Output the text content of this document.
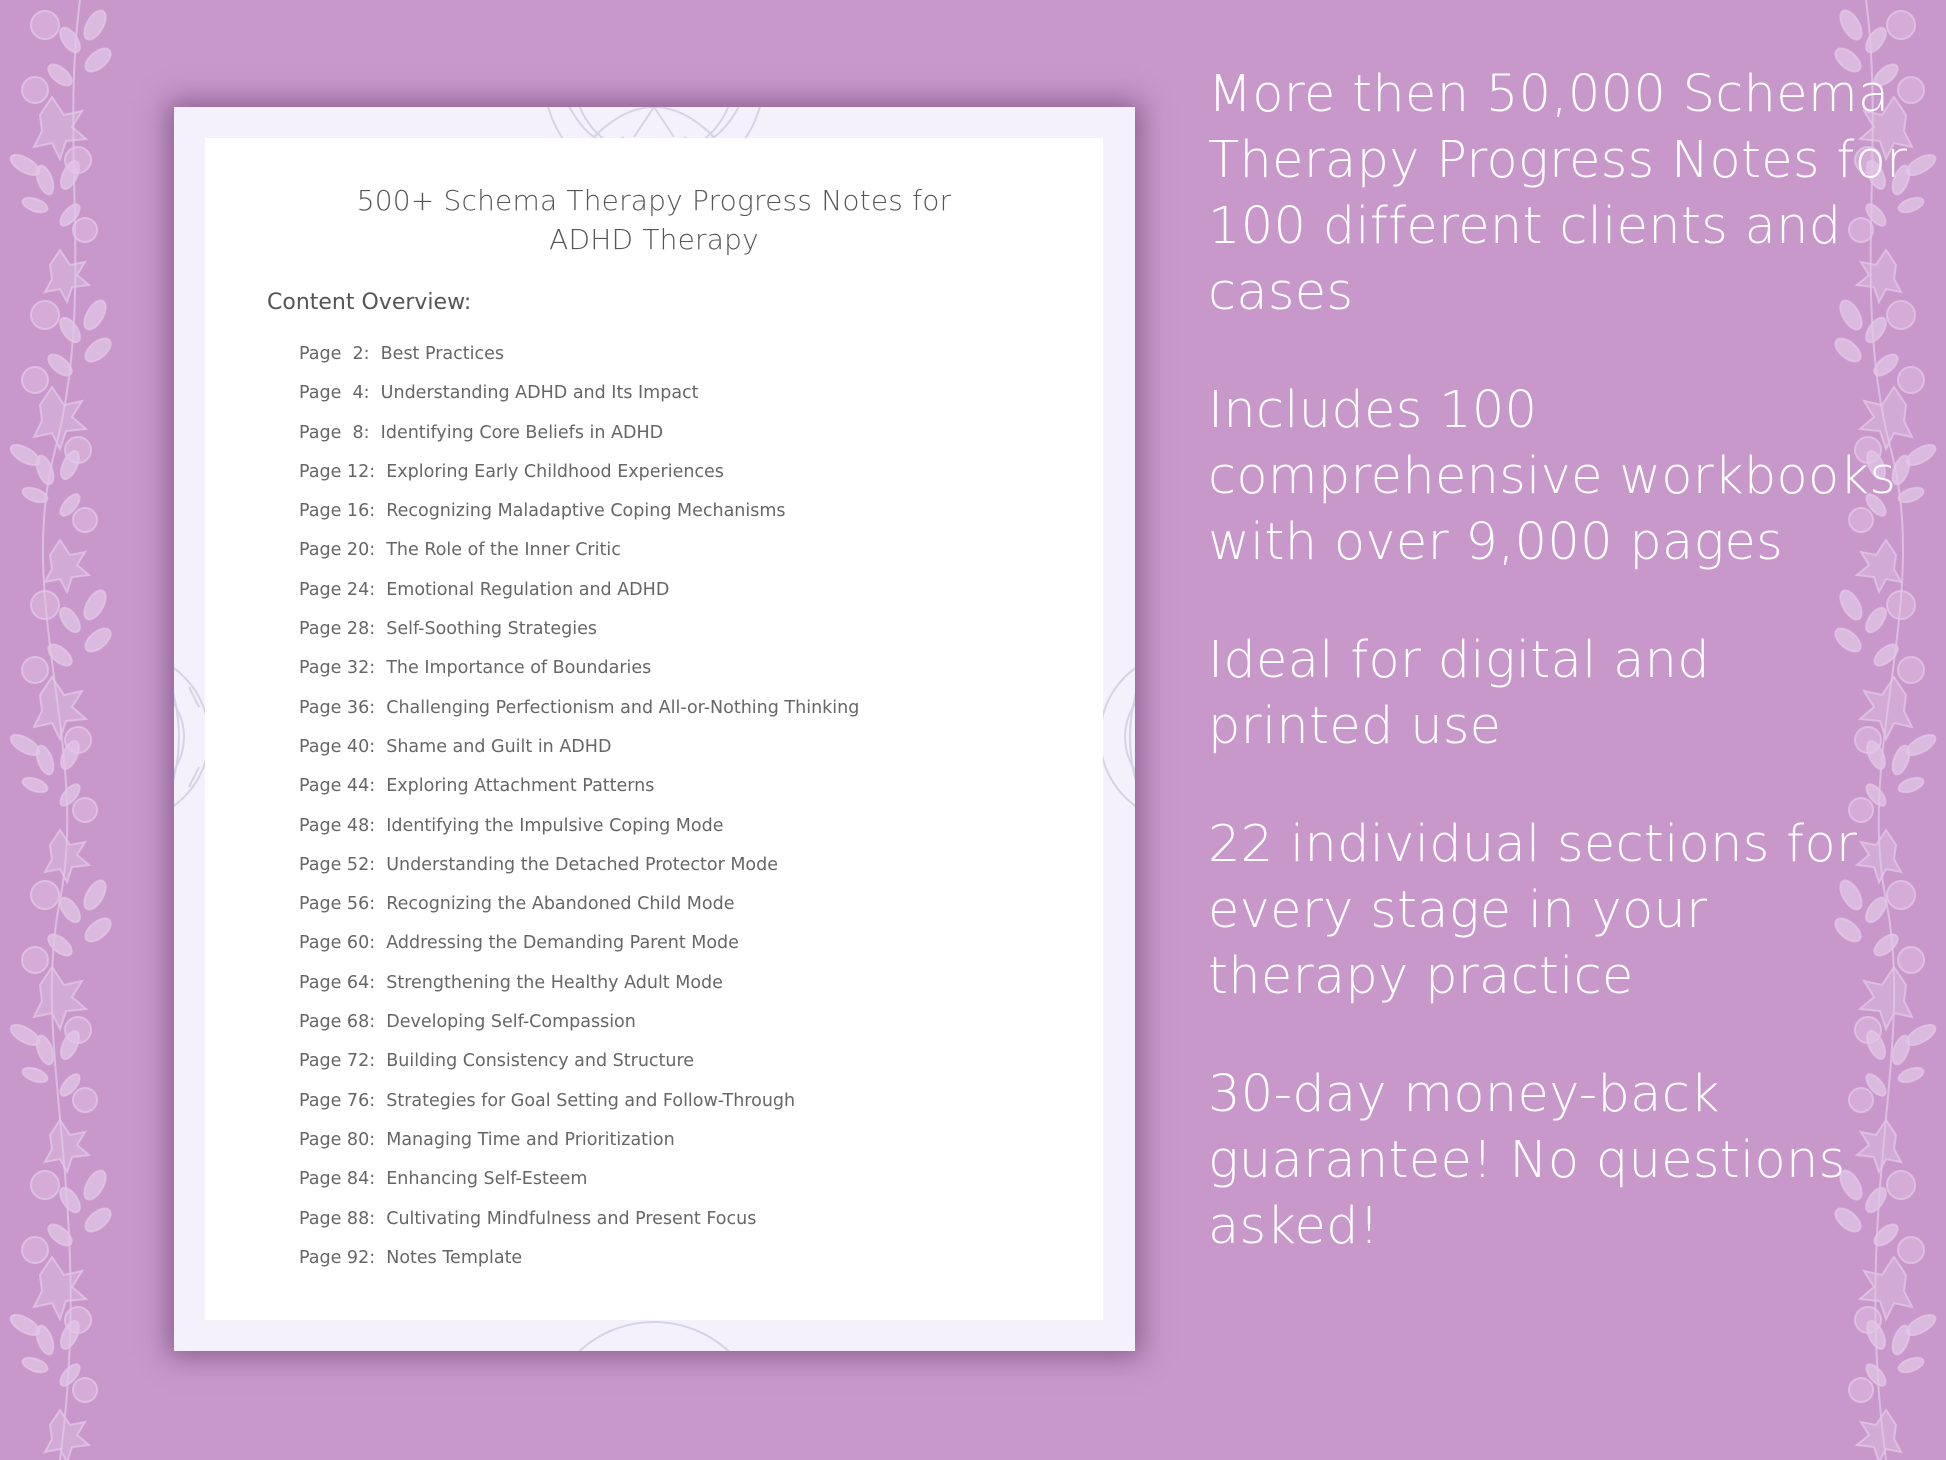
500+ Schema Therapy Progress Notes for
ADHD Therapy
Content Overview:
Page  2: Best Practices
Page  4: Understanding ADHD and Its Impact
Page  8: Identifying Core Beliefs in ADHD
Page 12: Exploring Early Childhood Experiences
Page 16: Recognizing Maladaptive Coping Mechanisms
Page 20: The Role of the Inner Critic
Page 24: Emotional Regulation and ADHD
Page 28: Self-Soothing Strategies
Page 32: The Importance of Boundaries
Page 36: Challenging Perfectionism and All-or-Nothing Thinking
Page 40: Shame and Guilt in ADHD
Page 44: Exploring Attachment Patterns
Page 48: Identifying the Impulsive Coping Mode
Page 52: Understanding the Detached Protector Mode
Page 56: Recognizing the Abandoned Child Mode
Page 60: Addressing the Demanding Parent Mode
Page 64: Strengthening the Healthy Adult Mode
Page 68: Developing Self-Compassion
Page 72: Building Consistency and Structure
Page 76: Strategies for Goal Setting and Follow-Through
Page 80: Managing Time and Prioritization
Page 84: Enhancing Self-Esteem
Page 88: Cultivating Mindfulness and Present Focus
Page 92: Notes Template
More then 50,000 Schema Therapy Progress Notes for 100 different clients and cases
Includes 100 comprehensive workbooks with over 9,000 pages
Ideal for digital and printed use
22 individual sections for every stage in your therapy practice
30-day money-back guarantee! No questions asked!
